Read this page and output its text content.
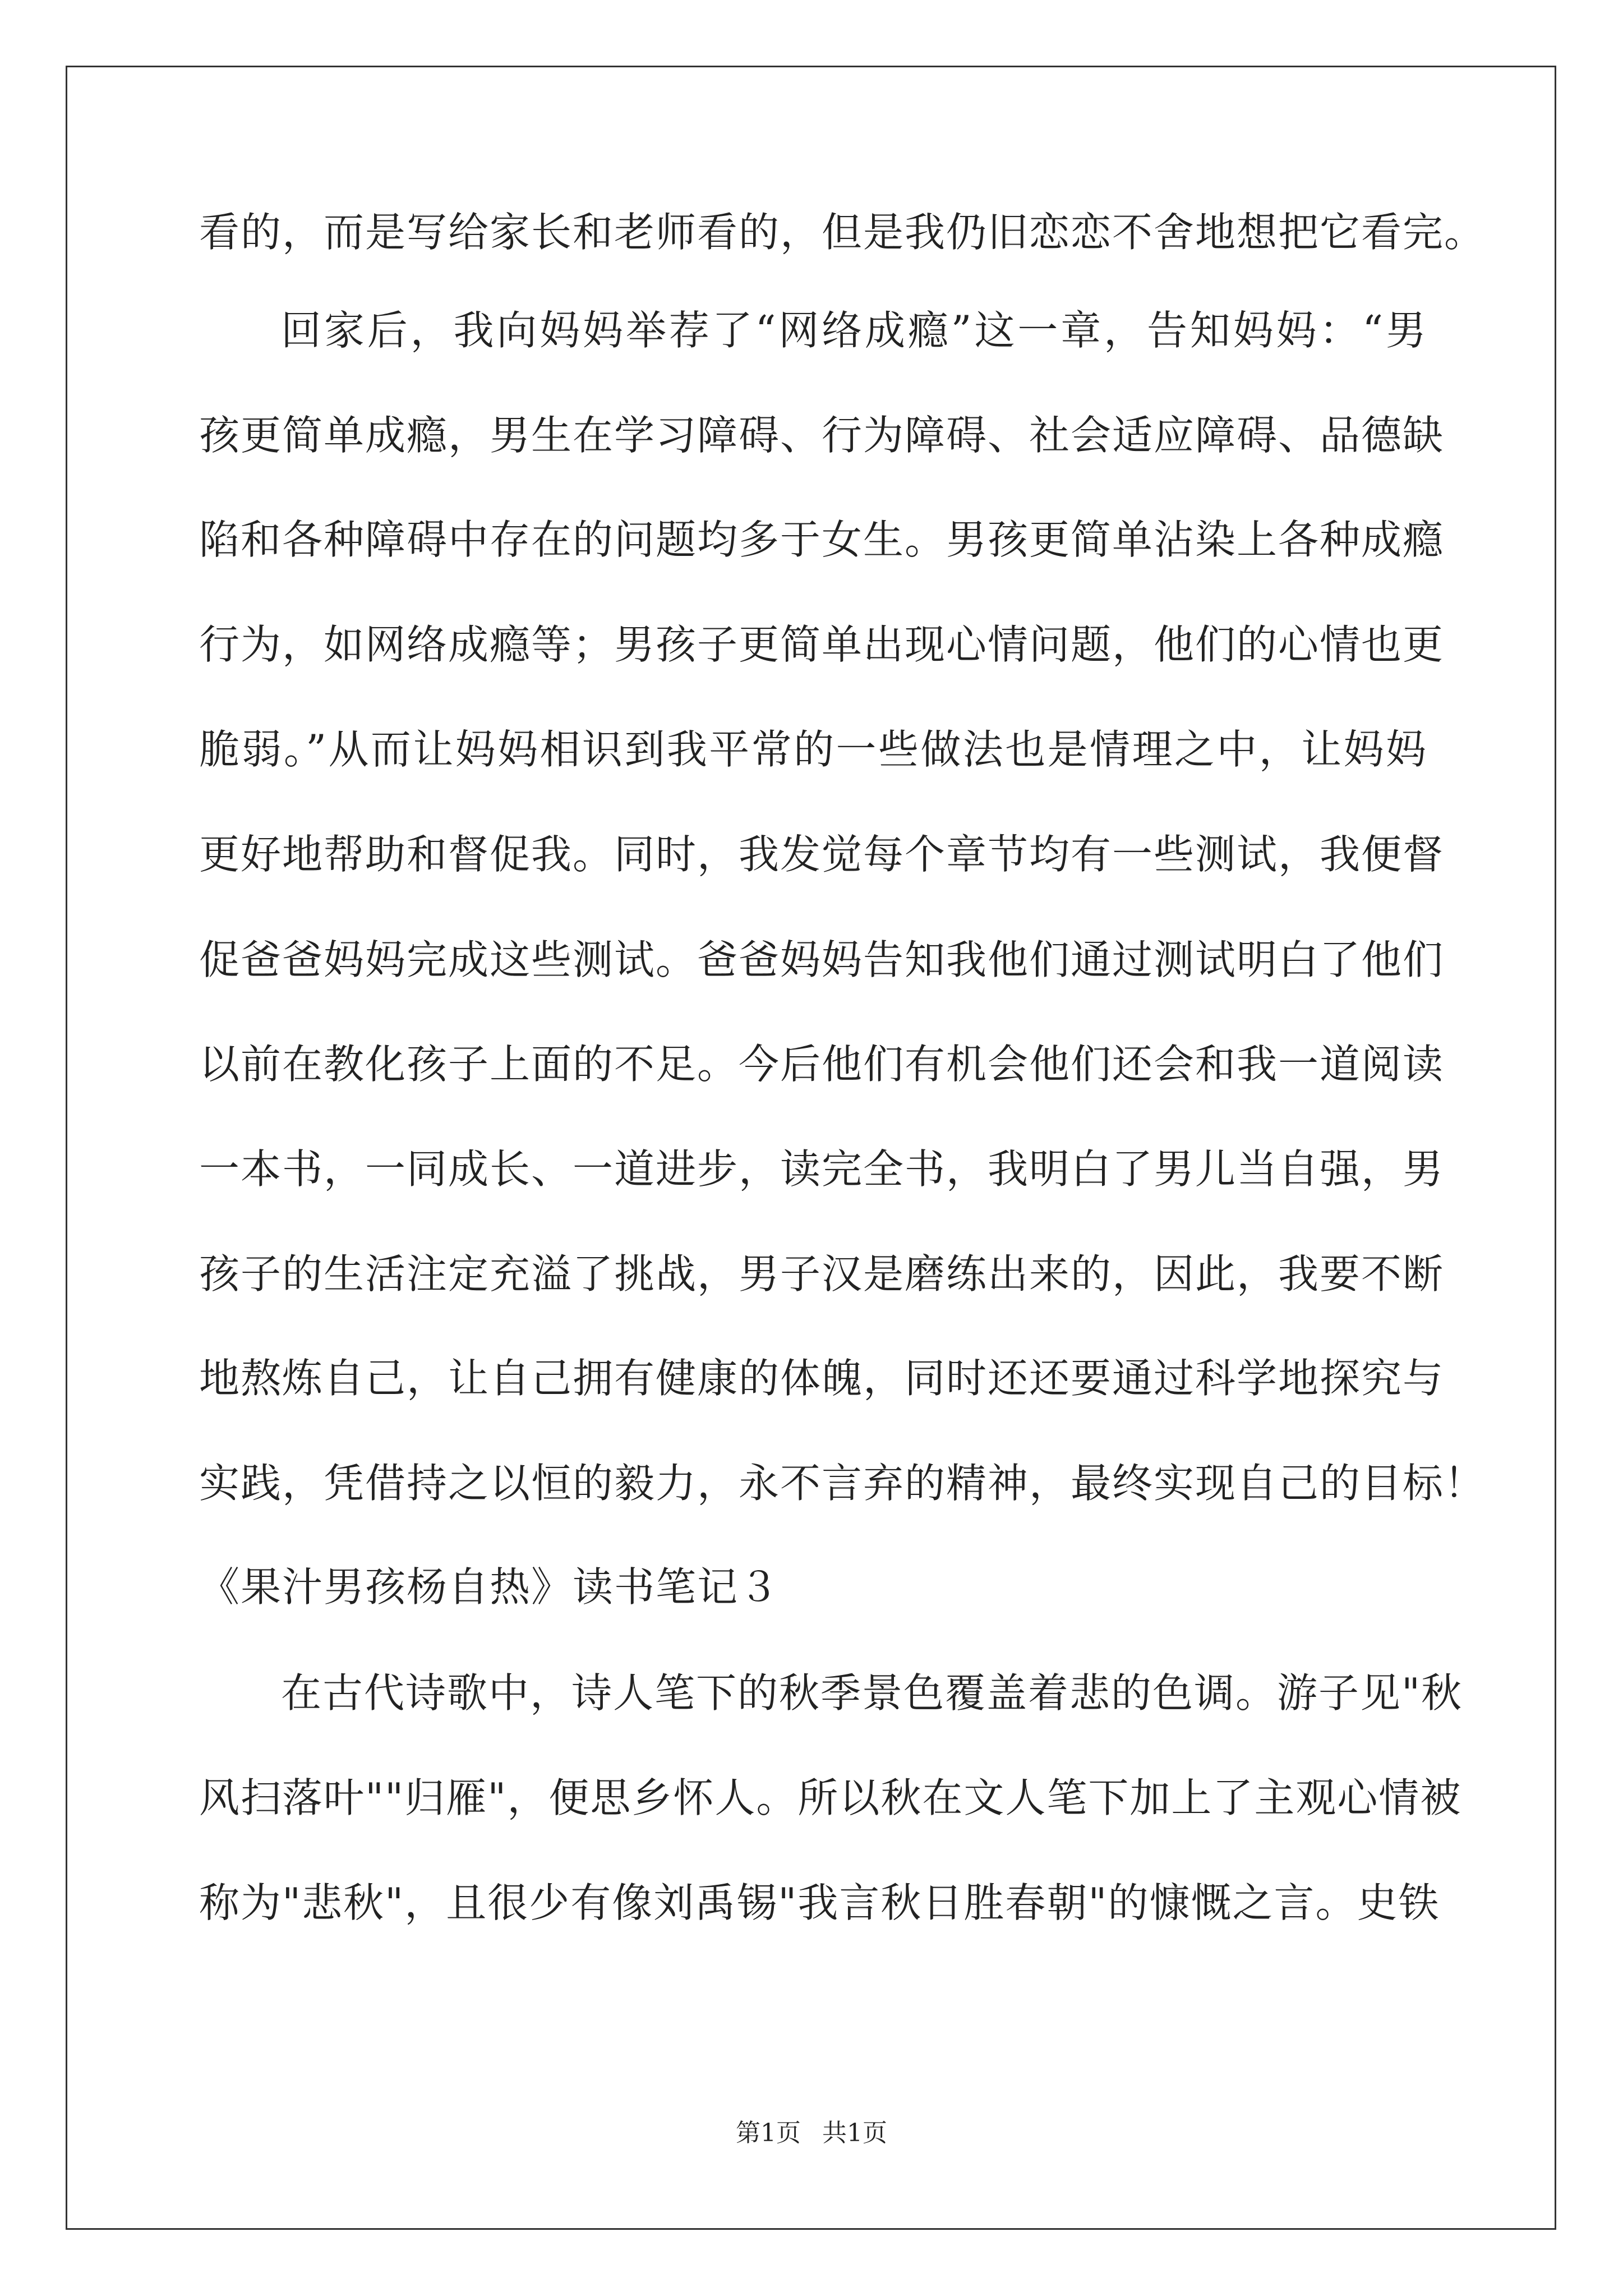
看的，而是写给家长和老师看的，但是我仍旧恋恋不舍地想把它看完。
回家后，我向妈妈举荐了“网络成瘾”这一章，告知妈妈：“男
孩更简单成瘾，男生在学习障碍、行为障碍、社会适应障碍、品德缺
陷和各种障碍中存在的问题均多于女生。男孩更简单沾染上各种成瘾
行为，如网络成瘾等；男孩子更简单出现心情问题，他们的心情也更
脆弱。”从而让妈妈相识到我平常的一些做法也是情理之中，让妈妈
更好地帮助和督促我。同时，我发觉每个章节均有一些测试，我便督
促爸爸妈妈完成这些测试。爸爸妈妈告知我他们通过测试明白了他们
以前在教化孩子上面的不足。今后他们有机会他们还会和我一道阅读
一本书，一同成长、一道进步，读完全书，我明白了男儿当自强，男
孩子的生活注定充溢了挑战，男子汉是磨练出来的，因此，我要不断
地熬炼自己，让自己拥有健康的体魄，同时还还要通过科学地探究与
实践，凭借持之以恒的毅力，永不言弃的精神，最终实现自己的目标！
《果汁男孩杨自热》读书笔记３
在古代诗歌中，诗人笔下的秋季景色覆盖着悲的色调。游子见"秋
风扫落叶""归雁"，便思乡怀人。所以秋在文人笔下加上了主观心情被
称为"悲秋"，且很少有像刘禹锡"我言秋日胜春朝"的慷慨之言。史铁
第1页 共1页
